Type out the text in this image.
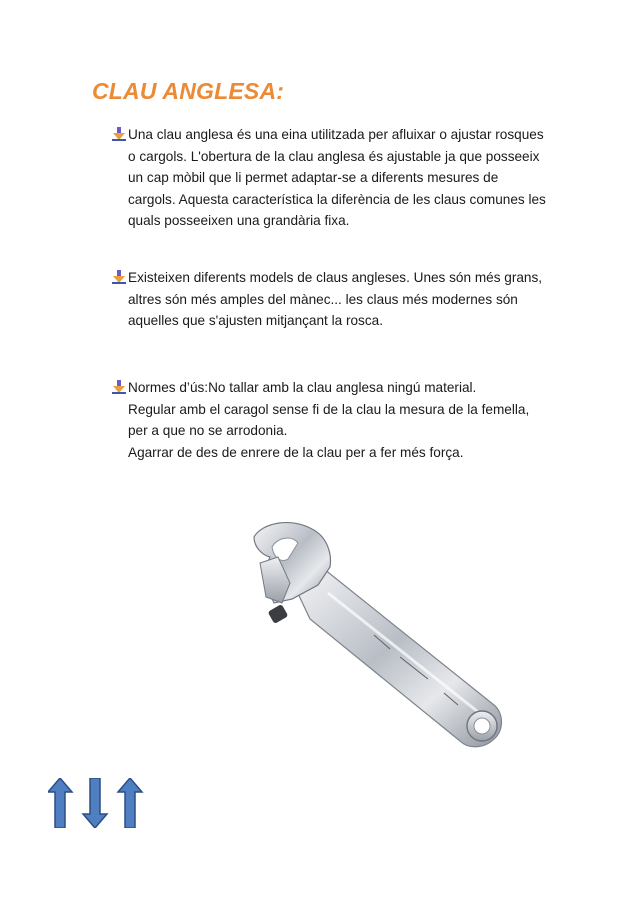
CLAU ANGLESA:
Una clau anglesa és una eina utilitzada per afluixar o ajustar rosques
o cargols. L'obertura de la clau anglesa és ajustable ja que posseeix
un cap mòbil que li permet adaptar-se a diferents mesures de
cargols. Aquesta característica la diferència de les claus comunes les
quals posseeixen una grandària fixa.
Existeixen diferents models de claus angleses. Unes són més grans,
altres són més amples del mànec... les claus més modernes són
aquelles que s'ajusten mitjançant la rosca.
Normes d’ús:No tallar amb la clau anglesa ningú material.
Regular amb el caragol sense fi de la clau la mesura de la femella,
per a que no se arrodonia.
Agarrar de des de enrere de la clau per a fer més força.
